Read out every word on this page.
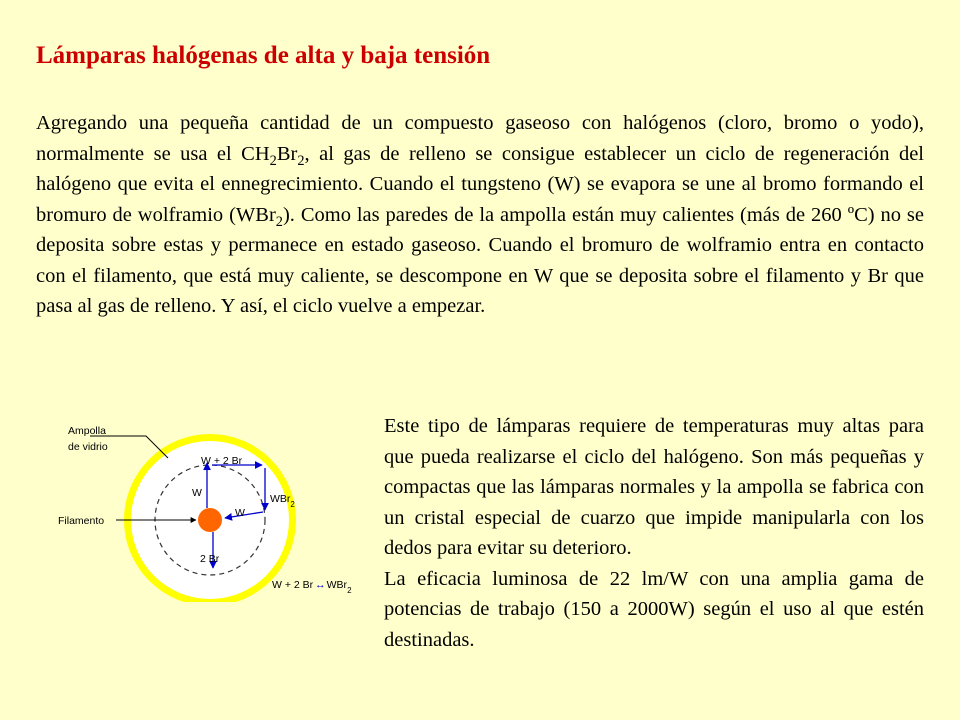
Lámparas halógenas de alta y baja tensión

Agregando una pequeña cantidad de un compuesto gaseoso con halógenos (cloro, bromo o yodo), normalmente se usa el $CH_2Br_2$, al gas de relleno se consigue establecer un ciclo de regeneración del halógeno que evita el ennegrecimiento. Cuando el tungsteno (W) se evapora se une al bromo formando el bromuro de wolframio (WBr$_2$). Como las paredes de la ampolla están muy calientes (más de 260 ºC) no se deposita sobre estas y permanece en estado gaseoso. Cuando el bromuro de wolframio entra en contacto con el filamento, que está muy caliente, se descompone en W que se deposita sobre el filamento y Br que pasa al gas de relleno. Y así, el ciclo vuelve a empezar.

Ampolla
de vidrio
Filamento
W + 2 Br
W	WBr$_2$
W
2 Br
W + 2 Br ↔WBr$_2$

Este tipo de lámparas requiere de temperaturas muy altas para que pueda realizarse el ciclo del halógeno. Son más pequeñas y compactas que las lámparas normales y la ampolla se fabrica con un cristal especial de cuarzo que impide manipularla con los dedos para evitar su deterioro.

La eficacia luminosa de 22 lm/W con una amplia gama de potencias de trabajo (150 a 2000W) según el uso al que estén destinadas.
